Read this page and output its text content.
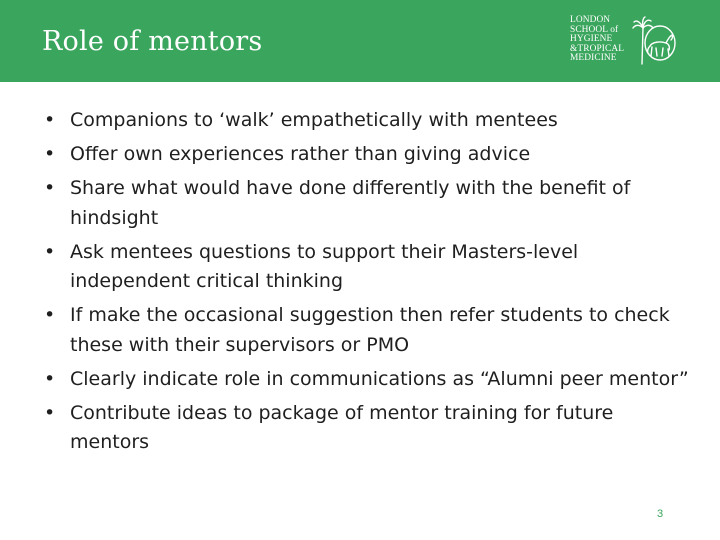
Role of mentors
LONDON
SCHOOL of
HYGIENE
&TROPICAL
MEDICINE
• Companions to ‘walk’ empathetically with mentees
• Offer own experiences rather than giving advice
• Share what would have done differently with the benefit of hindsight
• Ask mentees questions to support their Masters-level independent critical thinking
• If make the occasional suggestion then refer students to check these with their supervisors or PMO
• Clearly indicate role in communications as “Alumni peer mentor”
• Contribute ideas to package of mentor training for future mentors
3
